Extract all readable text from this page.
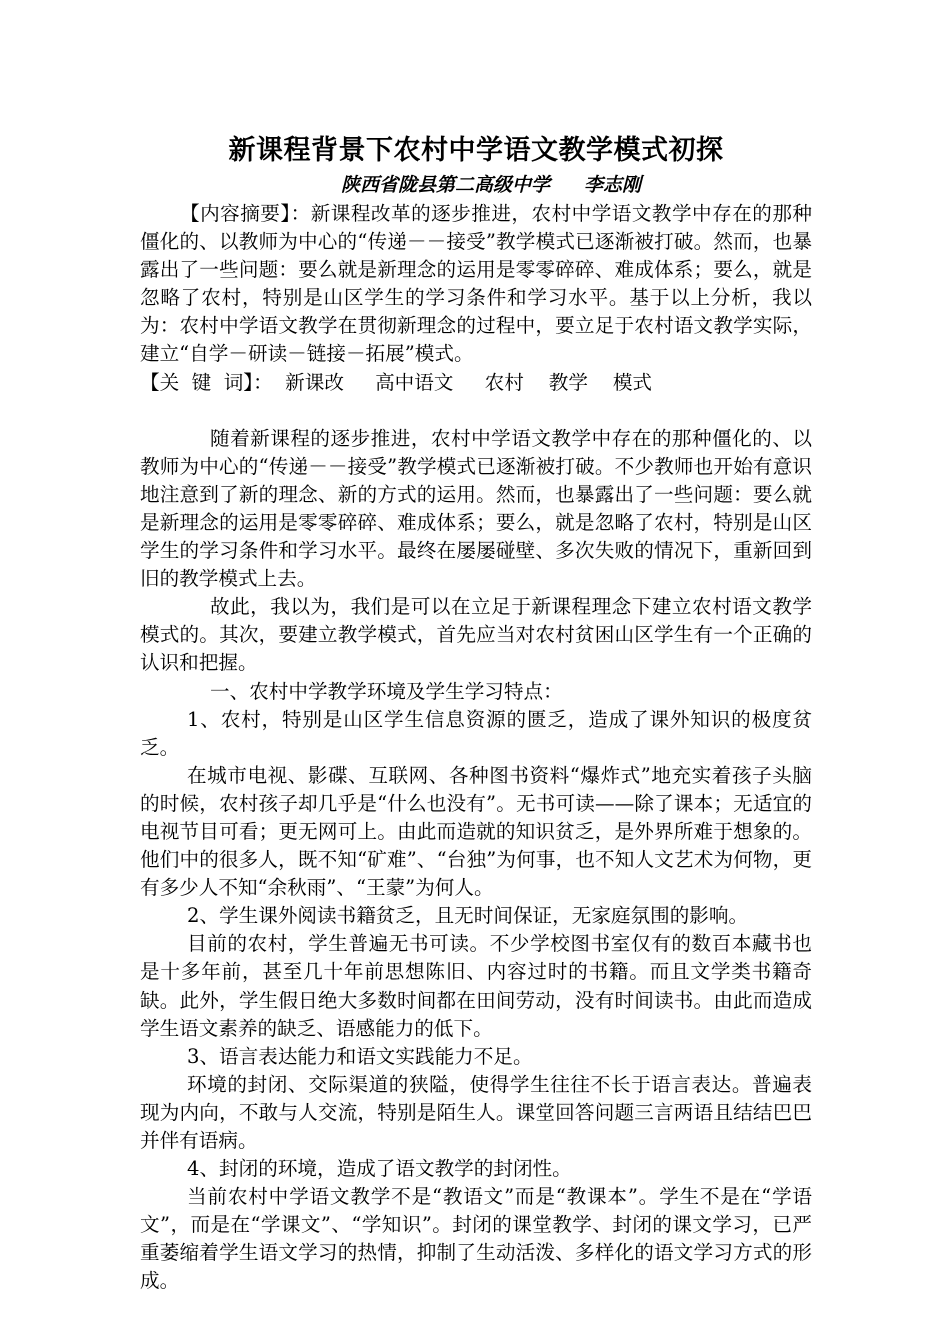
新课程背景下农村中学语文教学模式初探
陕西省陇县第二高级中学 李志刚

【内容摘要】：新课程改革的逐步推进，农村中学语文教学中存在的那种僵化的、以教师为中心的“传递－－接受”教学模式已逐渐被打破。然而，也暴露出了一些问题：要么就是新理念的运用是零零碎碎、难成体系；要么，就是忽略了农村，特别是山区学生的学习条件和学习水平。基于以上分析，我以为：农村中学语文教学在贯彻新理念的过程中，要立足于农村语文教学实际，建立“自学－研读－链接－拓展”模式。

【关  键  词】： 新课改 高中语文 农村 教学 模式

随着新课程的逐步推进，农村中学语文教学中存在的那种僵化的、以教师为中心的“传递－－接受”教学模式已逐渐被打破。不少教师也开始有意识地注意到了新的理念、新的方式的运用。然而，也暴露出了一些问题：要么就是新理念的运用是零零碎碎、难成体系；要么，就是忽略了农村，特别是山区学生的学习条件和学习水平。最终在屡屡碰壁、多次失败的情况下，重新回到旧的教学模式上去。

故此，我以为，我们是可以在立足于新课程理念下建立农村语文教学模式的。其次，要建立教学模式，首先应当对农村贫困山区学生有一个正确的认识和把握。

一、农村中学教学环境及学生学习特点：

1、农村，特别是山区学生信息资源的匮乏，造成了课外知识的极度贫乏。

在城市电视、影碟、互联网、各种图书资料“爆炸式”地充实着孩子头脑的时候，农村孩子却几乎是“什么也没有”。无书可读——除了课本；无适宜的电视节目可看；更无网可上。由此而造就的知识贫乏，是外界所难于想象的。他们中的很多人，既不知“矿难”、“台独”为何事，也不知人文艺术为何物，更有多少人不知“余秋雨”、“王蒙”为何人。

2、学生课外阅读书籍贫乏，且无时间保证，无家庭氛围的影响。

目前的农村，学生普遍无书可读。不少学校图书室仅有的数百本藏书也是十多年前，甚至几十年前思想陈旧、内容过时的书籍。而且文学类书籍奇缺。此外，学生假日绝大多数时间都在田间劳动，没有时间读书。由此而造成学生语文素养的缺乏、语感能力的低下。

3、语言表达能力和语文实践能力不足。

环境的封闭、交际渠道的狭隘，使得学生往往不长于语言表达。普遍表现为内向，不敢与人交流，特别是陌生人。课堂回答问题三言两语且结结巴巴并伴有语病。

4、封闭的环境，造成了语文教学的封闭性。

当前农村中学语文教学不是“教语文”而是“教课本”。学生不是在“学语文”，而是在“学课文”、“学知识”。封闭的课堂教学、封闭的课文学习，已严重萎缩着学生语文学习的热情，抑制了生动活泼、多样化的语文学习方式的形成。
